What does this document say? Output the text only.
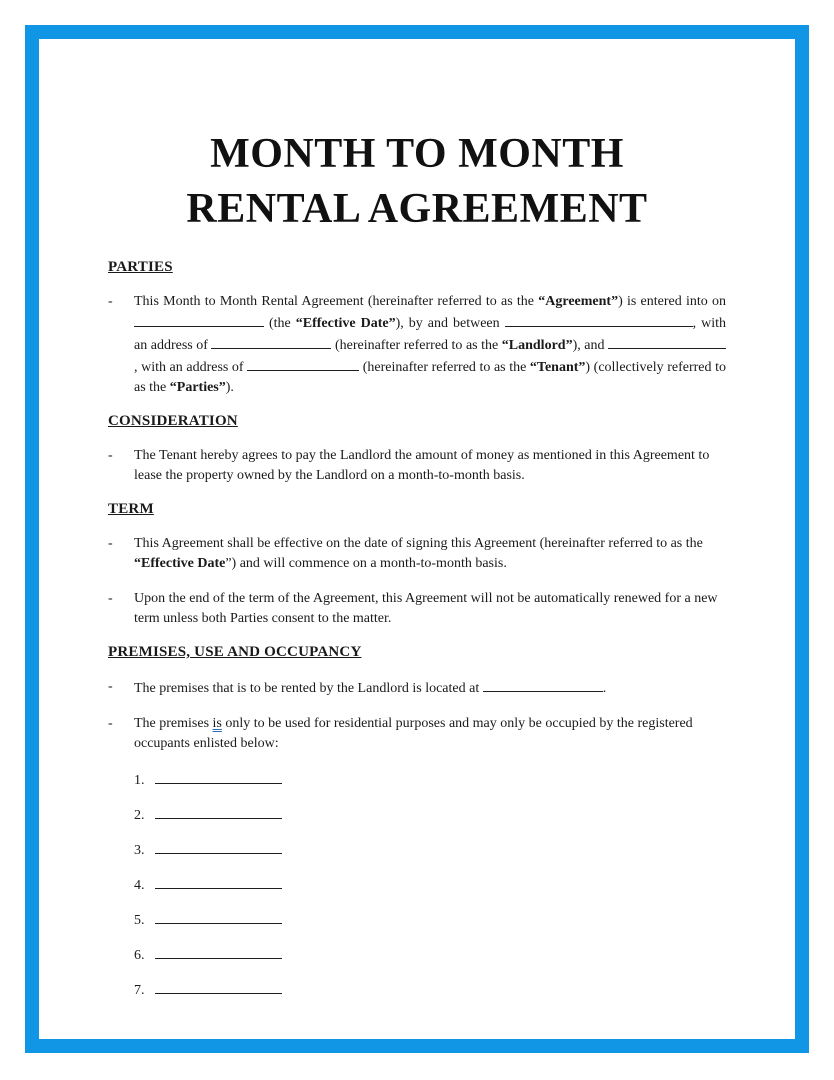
MONTH TO MONTH
RENTAL AGREEMENT
PARTIES
-	This Month to Month Rental Agreement (hereinafter referred to as the “Agreement”) is entered into on  (the “Effective Date”), by and between	, with an address of	(hereinafter referred to as the “Landlord”), and , with an address of	(hereinafter referred to as the “Tenant”) (collectively referred to as the “Parties”).

CONSIDERATION
-	The Tenant hereby agrees to pay the Landlord the amount of money as mentioned in this Agreement to lease the property owned by the Landlord on a month-to-month basis.

TERM
-	This Agreement shall be effective on the date of signing this Agreement (hereinafter referred to as the “Effective Date”) and will commence on a month-to-month basis.

-	Upon the end of the term of the Agreement, this Agreement will not be automatically renewed for a new term unless both Parties consent to the matter.

PREMISES, USE AND OCCUPANCY
-	The premises that is to be rented by the Landlord is located at	.

-	The premises is only to be used for residential purposes and may only be occupied by the registered occupants enlisted below:

1.
2.
3.
4.
5.
6.
7.
